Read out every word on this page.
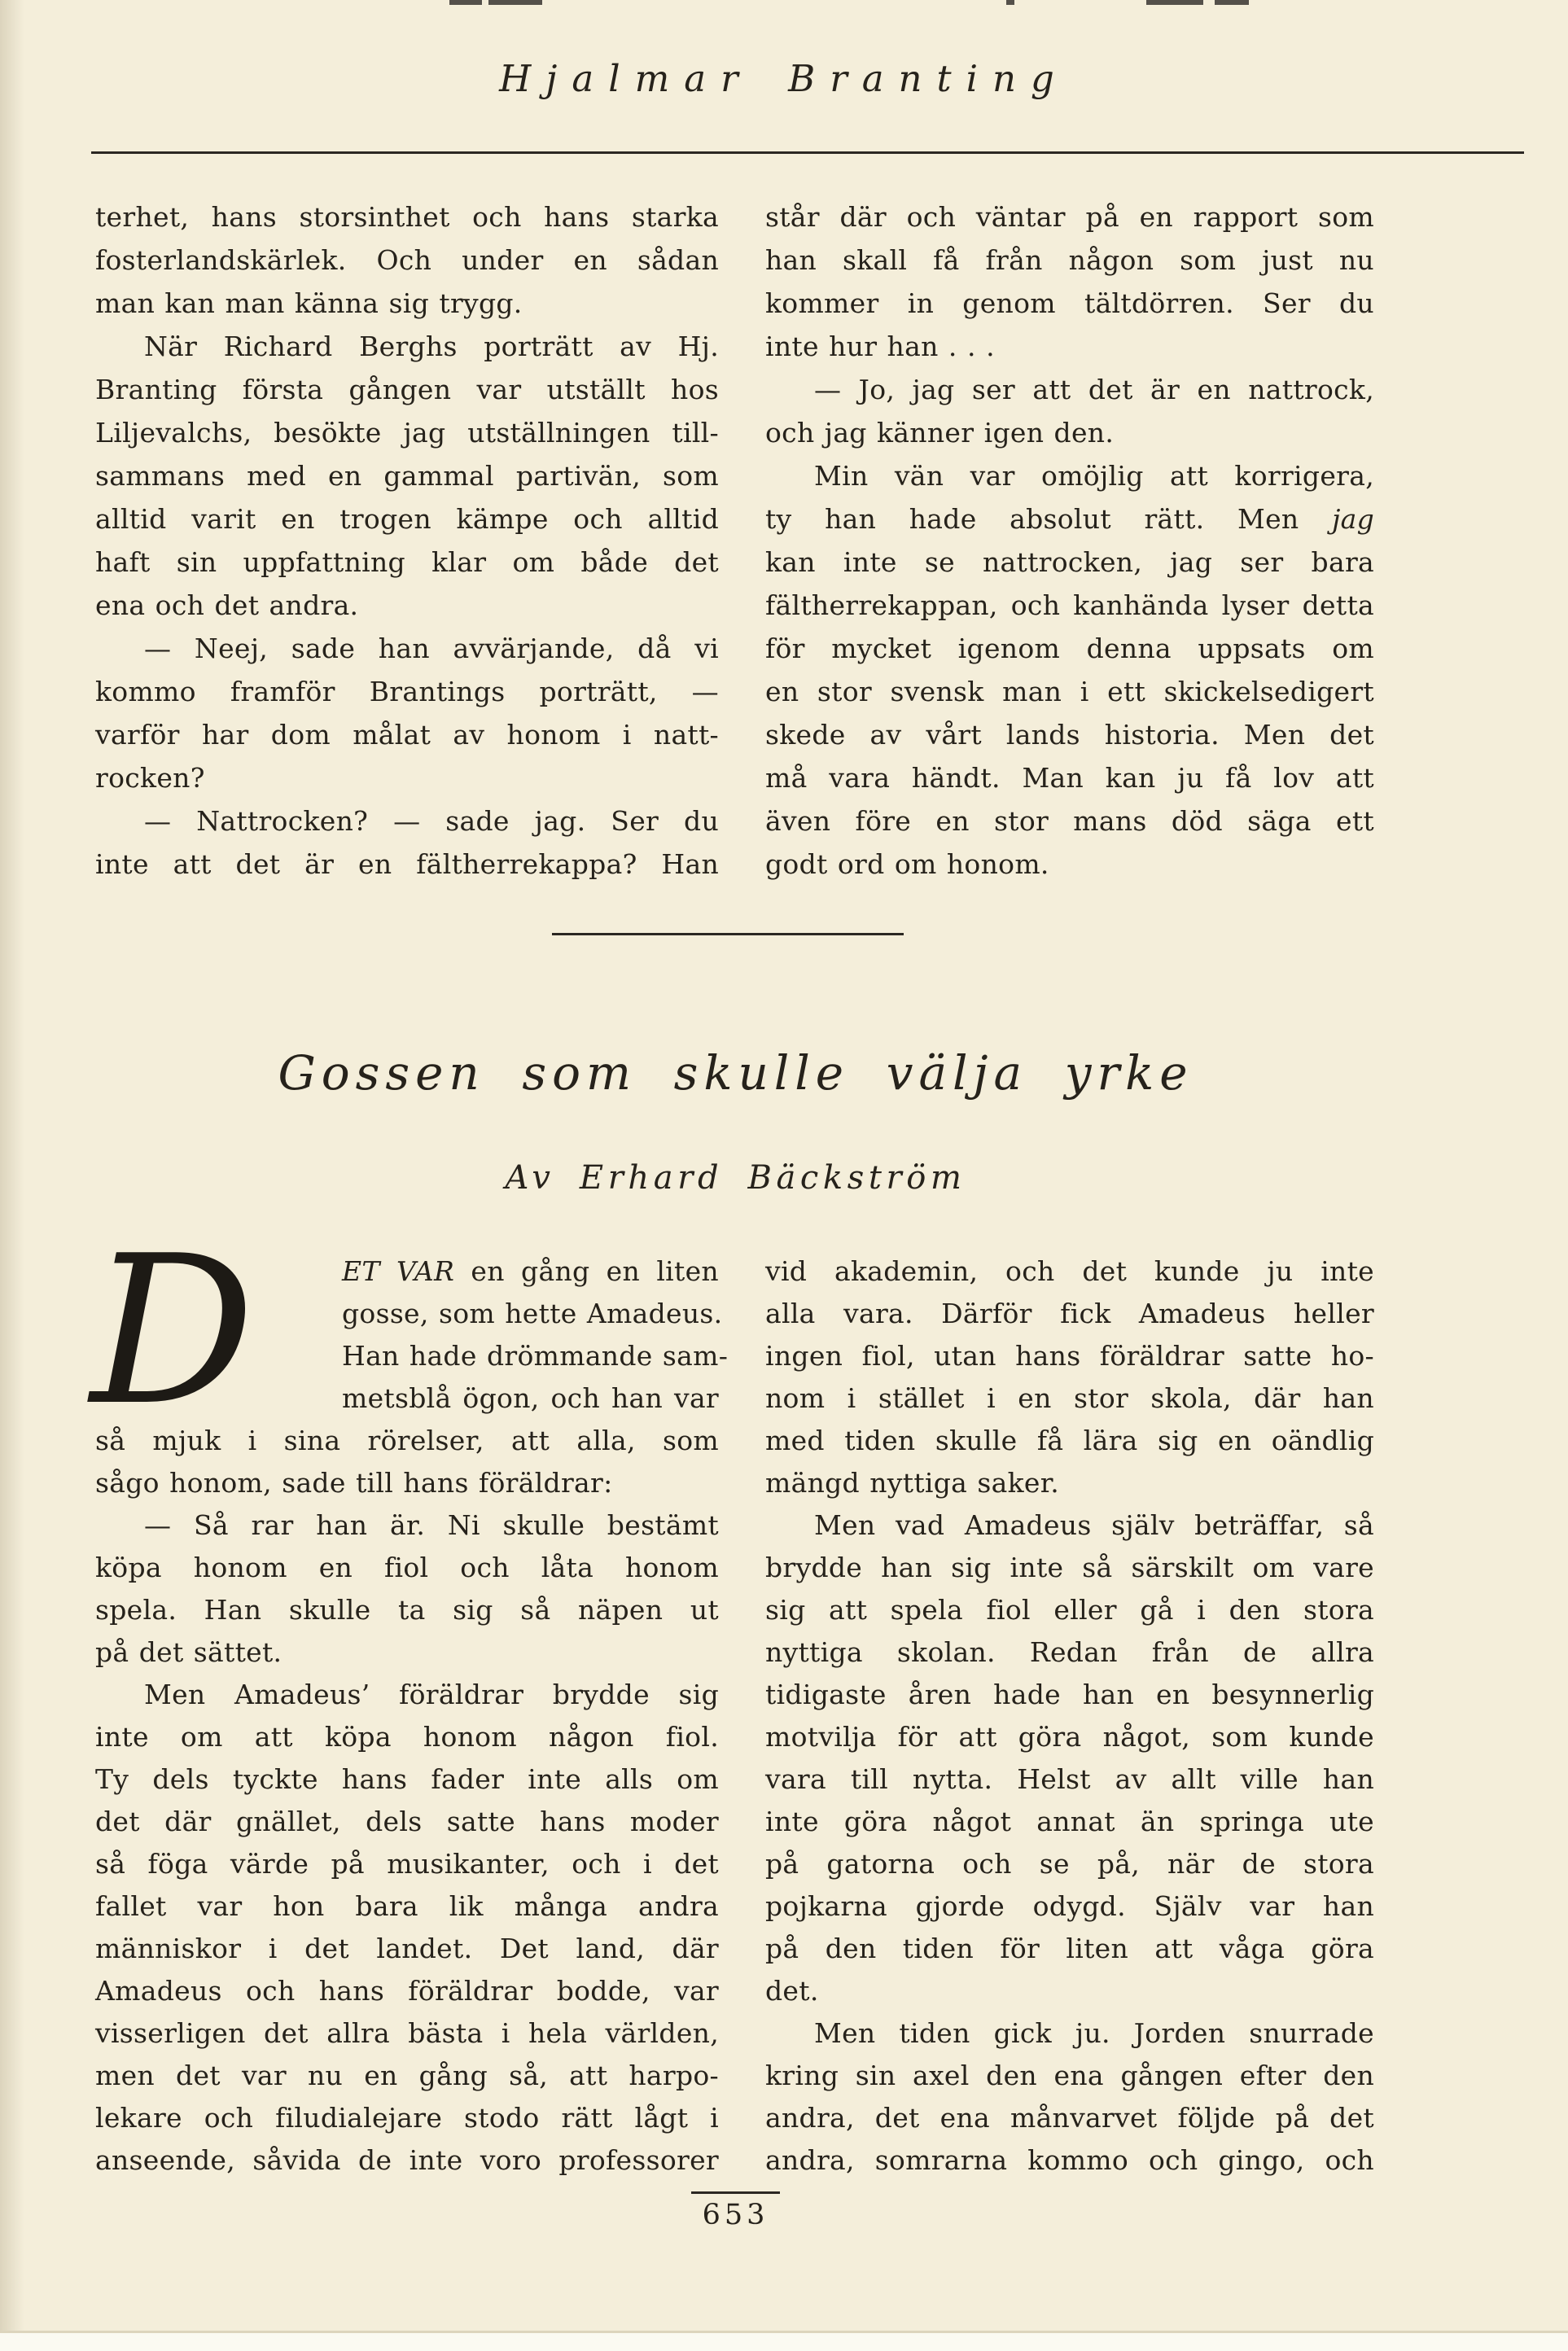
Hjalmar Branting
terhet, hans storsinthet och hans starka
fosterlandskärlek. Och under en sådan
man kan man känna sig trygg.
När Richard Berghs porträtt av Hj.
Branting första gången var utställt hos
Liljevalchs, besökte jag utställningen till-
sammans med en gammal partivän, som
alltid varit en trogen kämpe och alltid
haft sin uppfattning klar om både det
ena och det andra.
— Neej, sade han avvärjande, då vi
kommo framför Brantings porträtt, —
varför har dom målat av honom i natt-
rocken?
— Nattrocken? — sade jag. Ser du
inte att det är en fältherrekappa? Han
står där och väntar på en rapport som
han skall få från någon som just nu
kommer in genom tältdörren. Ser du
inte hur han . . .
— Jo, jag ser att det är en nattrock,
och jag känner igen den.
Min vän var omöjlig att korrigera,
ty han hade absolut rätt. Men jag
kan inte se nattrocken, jag ser bara
fältherrekappan, och kanhända lyser detta
för mycket igenom denna uppsats om
en stor svensk man i ett skickelsedigert
skede av vårt lands historia. Men det
må vara händt. Man kan ju få lov att
även före en stor mans död säga ett
godt ord om honom.
Gossen som skulle välja yrke
Av Erhard Bäckström
D	ET VAR en gång en liten
gosse, som hette Amadeus.
Han hade drömmande sam-
metsblå ögon, och han var
så mjuk i sina rörelser, att alla, som
sågo honom, sade till hans föräldrar:
— Så rar han är. Ni skulle bestämt
köpa honom en fiol och låta honom
spela. Han skulle ta sig så näpen ut
på det sättet.
Men Amadeus’ föräldrar brydde sig
inte om att köpa honom någon fiol.
Ty dels tyckte hans fader inte alls om
det där gnället, dels satte hans moder
så föga värde på musikanter, och i det
fallet var hon bara lik många andra
människor i det landet. Det land, där
Amadeus och hans föräldrar bodde, var
visserligen det allra bästa i hela världen,
men det var nu en gång så, att harpo-
lekare och filudialejare stodo rätt lågt i
anseende, såvida de inte voro professorer
vid akademin, och det kunde ju inte
alla vara. Därför fick Amadeus heller
ingen fiol, utan hans föräldrar satte ho-
nom i stället i en stor skola, där han
med tiden skulle få lära sig en oändlig
mängd nyttiga saker.
Men vad Amadeus själv beträffar, så
brydde han sig inte så särskilt om vare
sig att spela fiol eller gå i den stora
nyttiga skolan. Redan från de allra
tidigaste åren hade han en besynnerlig
motvilja för att göra något, som kunde
vara till nytta. Helst av allt ville han
inte göra något annat än springa ute
på gatorna och se på, när de stora
pojkarna gjorde odygd. Själv var han
på den tiden för liten att våga göra
det.
Men tiden gick ju. Jorden snurrade
kring sin axel den ena gången efter den
andra, det ena månvarvet följde på det
andra, somrarna kommo och gingo, och
653
